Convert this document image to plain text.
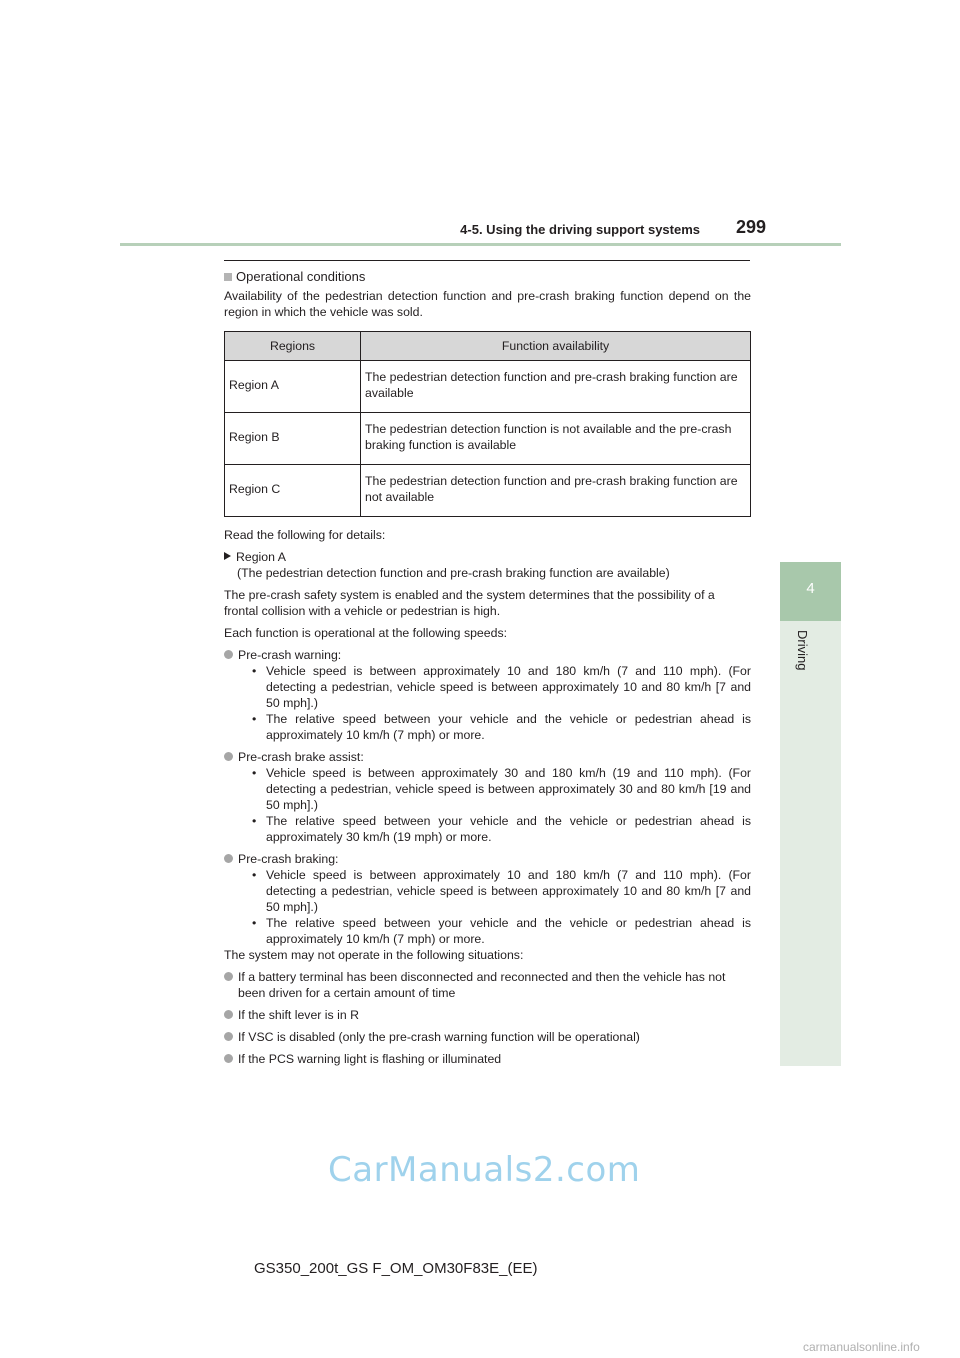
4-5. Using the driving support systems 299
4
Driving
Operational conditions

Availability of the pedestrian detection function and pre-crash braking function depend on the region in which the vehicle was sold.

Regions	Function availability
Region A	The pedestrian detection function and pre-crash braking function are available
Region B	The pedestrian detection function is not available and the pre-crash braking function is available
Region C	The pedestrian detection function and pre-crash braking function are not available

Read the following for details:

Region A
(The pedestrian detection function and pre-crash braking function are available)

The pre-crash safety system is enabled and the system determines that the possibility of a frontal collision with a vehicle or pedestrian is high.

Each function is operational at the following speeds:

Pre-crash warning:
• Vehicle speed is between approximately 10 and 180 km/h (7 and 110 mph). (For detecting a pedestrian, vehicle speed is between approximately 10 and 80 km/h [7 and 50 mph].)
• The relative speed between your vehicle and the vehicle or pedestrian ahead is approximately 10 km/h (7 mph) or more.
Pre-crash brake assist:
• Vehicle speed is between approximately 30 and 180 km/h (19 and 110 mph). (For detecting a pedestrian, vehicle speed is between approximately 30 and 80 km/h [19 and 50 mph].)
• The relative speed between your vehicle and the vehicle or pedestrian ahead is approximately 30 km/h (19 mph) or more.
Pre-crash braking:
• Vehicle speed is between approximately 10 and 180 km/h (7 and 110 mph). (For detecting a pedestrian, vehicle speed is between approximately 10 and 80 km/h [7 and 50 mph].)
• The relative speed between your vehicle and the vehicle or pedestrian ahead is approximately 10 km/h (7 mph) or more.

The system may not operate in the following situations:

If a battery terminal has been disconnected and reconnected and then the vehicle has not been driven for a certain amount of time
If the shift lever is in R
If VSC is disabled (only the pre-crash warning function will be operational)
If the PCS warning light is flashing or illuminated
CarManuals2.com
GS350_200t_GS F_OM_OM30F83E_(EE)
carmanualsonline.info
